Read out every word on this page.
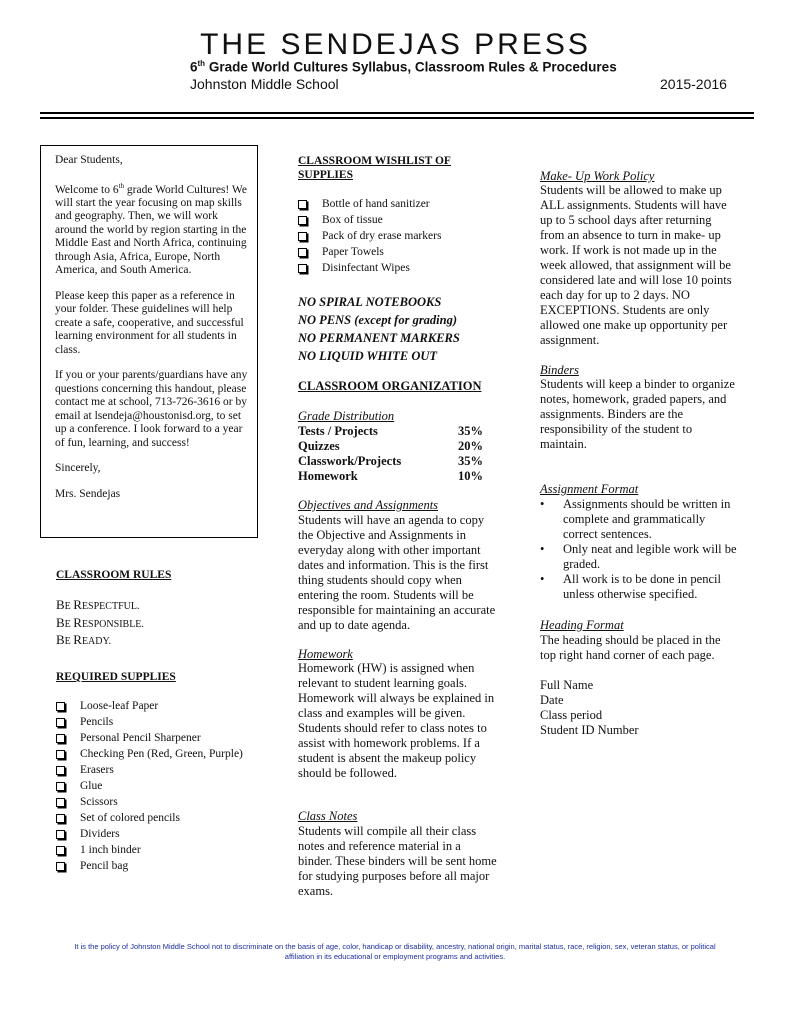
THE SENDEJAS PRESS
6th Grade World Cultures Syllabus, Classroom Rules & Procedures
Johnston Middle School	2015-2016

Dear Students,

Welcome to 6th grade World Cultures! We will start the year focusing on map skills and geography. Then, we will work around the world by region starting in the Middle East and North Africa, continuing through Asia, Africa, Europe, North America, and South America.

Please keep this paper as a reference in your folder. These guidelines will help create a safe, cooperative, and successful learning environment for all students in class.

If you or your parents/guardians have any questions concerning this handout, please contact me at school, 713-726-3616 or by email at lsendeja@houstonisd.org, to set up a conference. I look forward to a year of fun, learning, and success!

Sincerely,

Mrs. Sendejas

CLASSROOM RULES
BE RESPECTFUL.
BE RESPONSIBLE.
BE READY.
REQUIRED SUPPLIES
Loose-leaf Paper
Pencils
Personal Pencil Sharpener
Checking Pen (Red, Green, Purple)
Erasers
Glue
Scissors
Set of colored pencils
Dividers
1 inch binder
Pencil bag
CLASSROOM WISHLIST OF SUPPLIES
Bottle of hand sanitizer
Box of tissue
Pack of dry erase markers
Paper Towels
Disinfectant Wipes
NO SPIRAL NOTEBOOKS
NO PENS (except for grading)
NO PERMANENT MARKERS
NO LIQUID WHITE OUT
CLASSROOM ORGANIZATION
Grade Distribution
Tests / Projects	35%
Quizzes	20%
Classwork/Projects	35%
Homework	10%
Objectives and Assignments
Students will have an agenda to copy the Objective and Assignments in everyday along with other important dates and information. This is the first thing students should copy when entering the room. Students will be responsible for maintaining an accurate and up to date agenda.
Homework
Homework (HW) is assigned when relevant to student learning goals. Homework will always be explained in class and examples will be given. Students should refer to class notes to assist with homework problems. If a student is absent the makeup policy should be followed.
Class Notes
Students will compile all their class notes and reference material in a binder. These binders will be sent home for studying purposes before all major exams.
Make- Up Work Policy
Students will be allowed to make up ALL assignments. Students will have up to 5 school days after returning from an absence to turn in make- up work. If work is not made up in the week allowed, that assignment will be considered late and will lose 10 points each day for up to 2 days. NO EXCEPTIONS. Students are only allowed one make up opportunity per assignment.
Binders
Students will keep a binder to organize notes, homework, graded papers, and assignments. Binders are the responsibility of the student to maintain.
Assignment Format
• Assignments should be written in complete and grammatically correct sentences.
• Only neat and legible work will be graded.
• All work is to be done in pencil unless otherwise specified.
Heading Format
The heading should be placed in the top right hand corner of each page.
Full Name
Date
Class period
Student ID Number
It is the policy of Johnston Middle School not to discriminate on the basis of age, color, handicap or disability, ancestry, national origin, marital status, race, religion, sex, veteran status, or political
affiliation in its educational or employment programs and activities.
